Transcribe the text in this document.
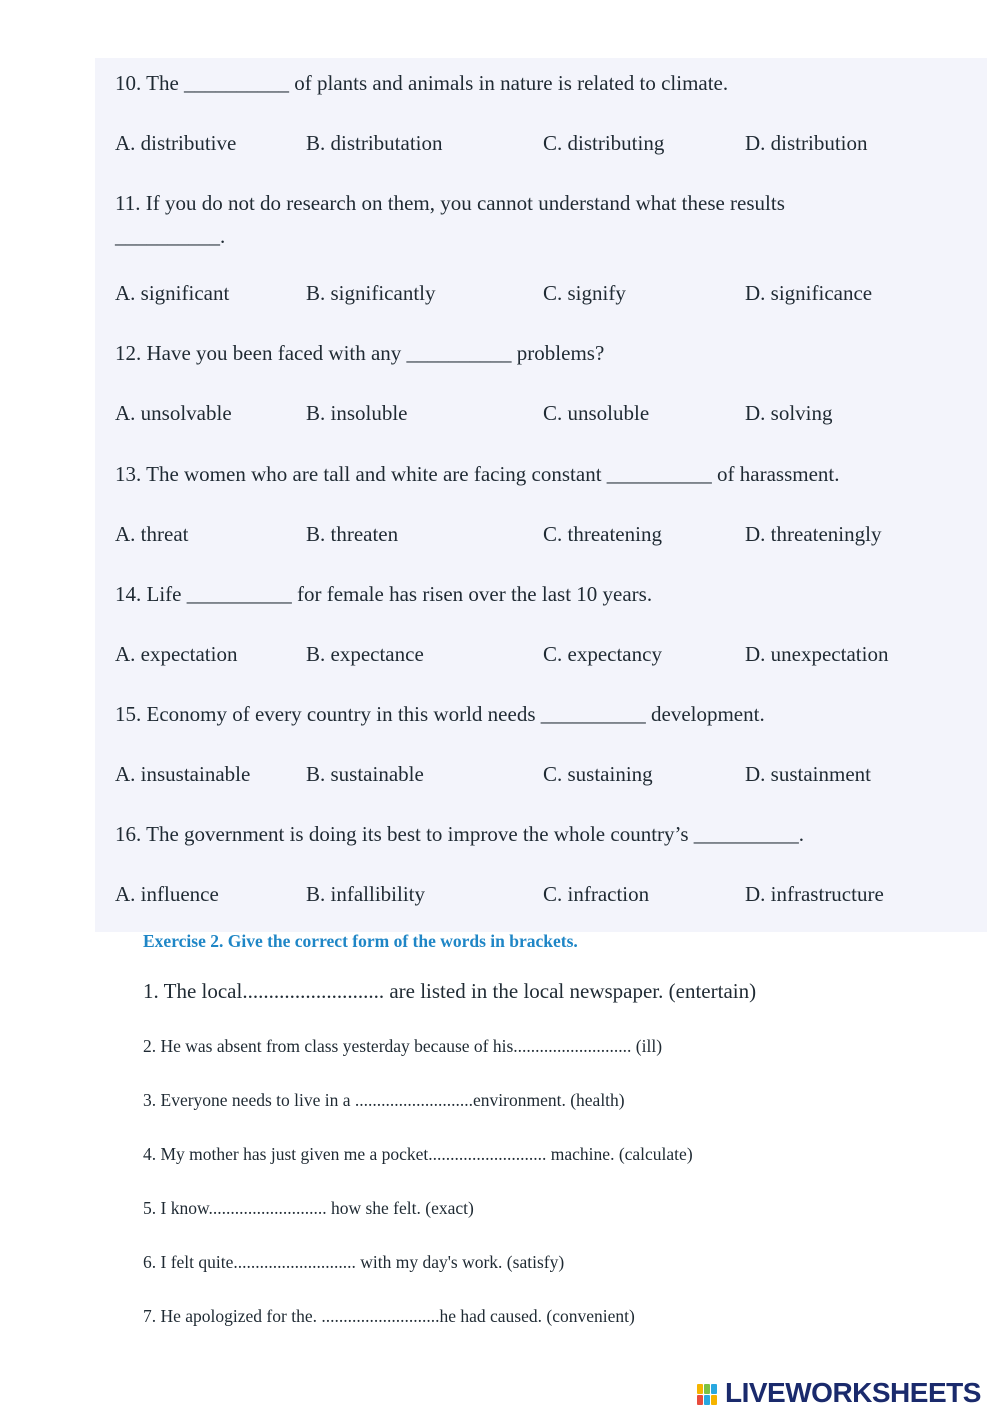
10. The __________ of plants and animals in nature is related to climate.
A. distributive	B. distributation	C. distributing	D. distribution
11. If you do not do research on them, you cannot understand what these results
__________.
A. significant	B. significantly	C. signify	D. significance
12. Have you been faced with any __________ problems?
A. unsolvable	B. insoluble	C. unsoluble	D. solving
13. The women who are tall and white are facing constant __________ of harassment.
A. threat	B. threaten	C. threatening	D. threateningly
14. Life __________ for female has risen over the last 10 years.
A. expectation	B. expectance	C. expectancy	D. unexpectation
15. Economy of every country in this world needs __________ development.
A. insustainable	B. sustainable	C. sustaining	D. sustainment
16. The government is doing its best to improve the whole country’s __________.
A. influence	B. infallibility	C. infraction	D. infrastructure
Exercise 2. Give the correct form of the words in brackets.
1. The local........................... are listed in the local newspaper. (entertain)
2. He was absent from class yesterday because of his........................... (ill)
3. Everyone needs to live in a ...........................environment. (health)
4. My mother has just given me a pocket........................... machine. (calculate)
5. I know........................... how she felt. (exact)
6. I felt quite............................ with my day's work. (satisfy)
7. He apologized for the. ...........................he had caused. (convenient)
LIVEWORKSHEETS
